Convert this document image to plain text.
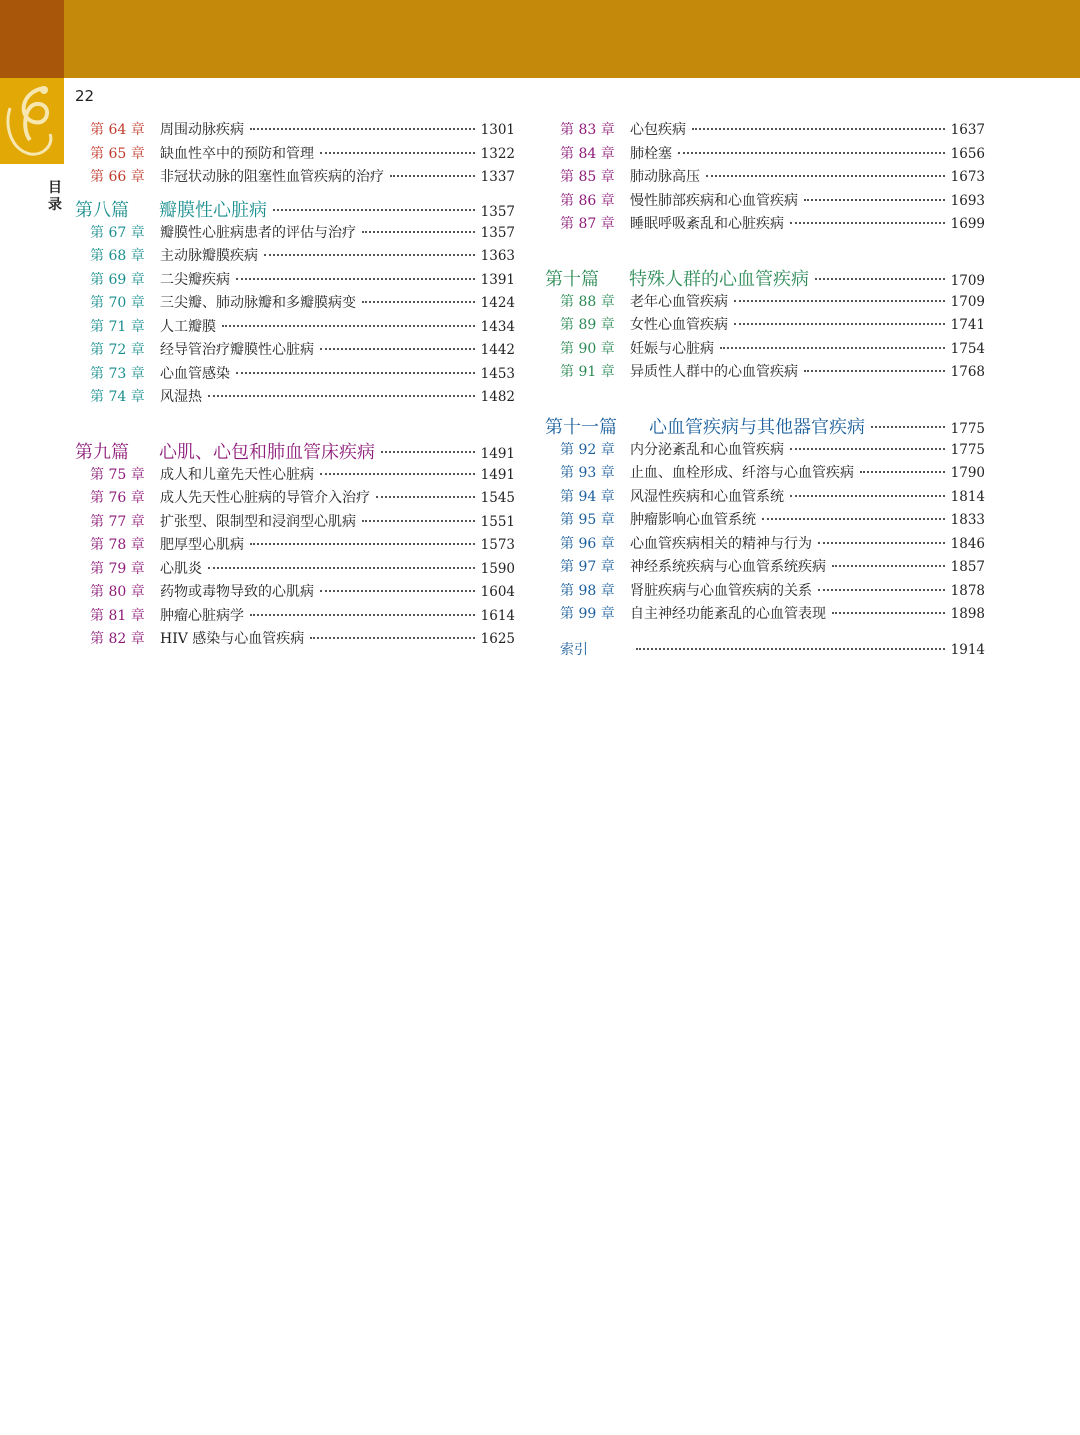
22
目录
第 64 章	周围动脉疾病	1301
第 65 章	缺血性卒中的预防和管理	1322
第 66 章	非冠状动脉的阻塞性血管疾病的治疗	1337
第八篇	瓣膜性心脏病	1357
第 67 章	瓣膜性心脏病患者的评估与治疗	1357
第 68 章	主动脉瓣膜疾病	1363
第 69 章	二尖瓣疾病	1391
第 70 章	三尖瓣、肺动脉瓣和多瓣膜病变	1424
第 71 章	人工瓣膜	1434
第 72 章	经导管治疗瓣膜性心脏病	1442
第 73 章	心血管感染	1453
第 74 章	风湿热	1482
第九篇	心肌、心包和肺血管床疾病	1491
第 75 章	成人和儿童先天性心脏病	1491
第 76 章	成人先天性心脏病的导管介入治疗	1545
第 77 章	扩张型、限制型和浸润型心肌病	1551
第 78 章	肥厚型心肌病	1573
第 79 章	心肌炎	1590
第 80 章	药物或毒物导致的心肌病	1604
第 81 章	肿瘤心脏病学	1614
第 82 章	HIV 感染与心血管疾病	1625
第 83 章	心包疾病	1637
第 84 章	肺栓塞	1656
第 85 章	肺动脉高压	1673
第 86 章	慢性肺部疾病和心血管疾病	1693
第 87 章	睡眠呼吸紊乱和心脏疾病	1699
第十篇	特殊人群的心血管疾病	1709
第 88 章	老年心血管疾病	1709
第 89 章	女性心血管疾病	1741
第 90 章	妊娠与心脏病	1754
第 91 章	异质性人群中的心血管疾病	1768
第十一篇	心血管疾病与其他器官疾病	1775
第 92 章	内分泌紊乱和心血管疾病	1775
第 93 章	止血、血栓形成、纤溶与心血管疾病	1790
第 94 章	风湿性疾病和心血管系统	1814
第 95 章	肿瘤影响心血管系统	1833
第 96 章	心血管疾病相关的精神与行为	1846
第 97 章	神经系统疾病与心血管系统疾病	1857
第 98 章	肾脏疾病与心血管疾病的关系	1878
第 99 章	自主神经功能紊乱的心血管表现	1898
索引	1914
